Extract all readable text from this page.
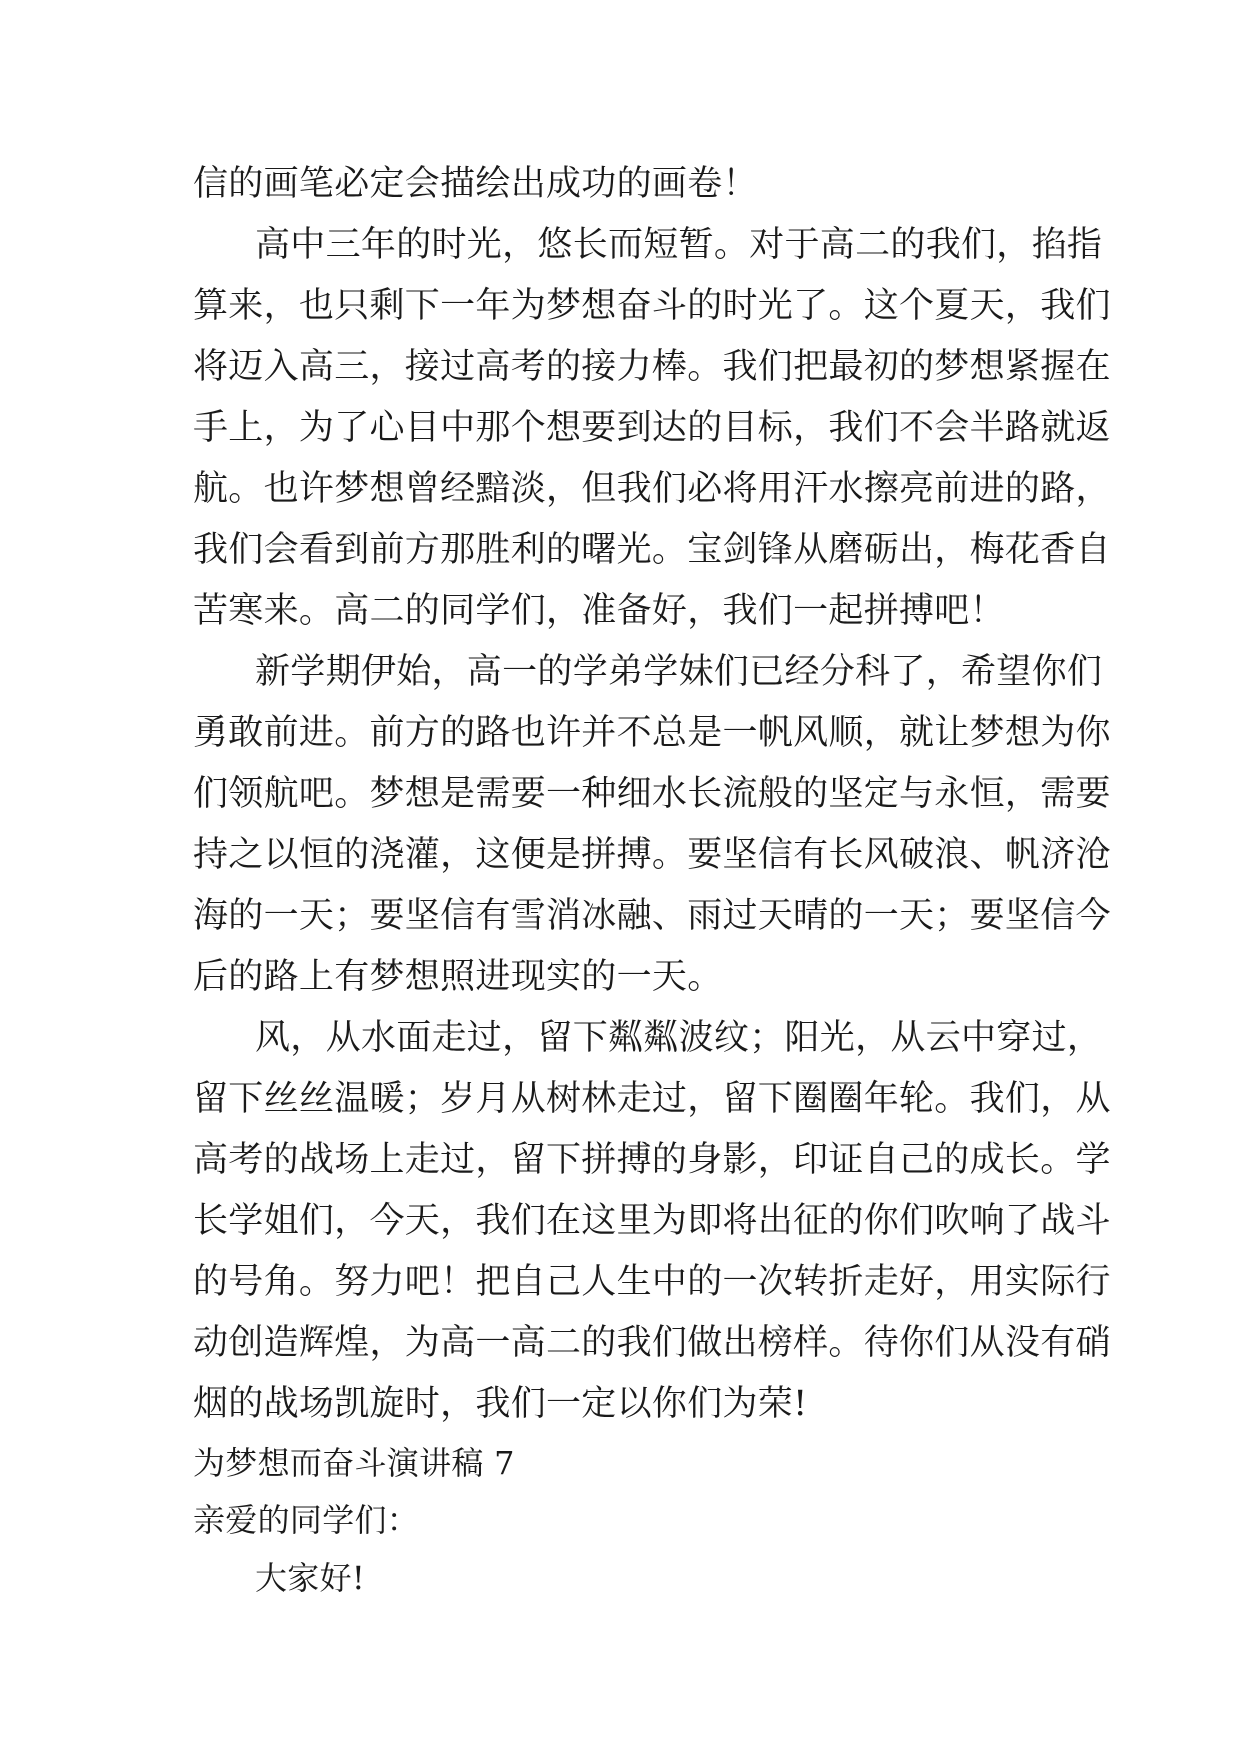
信的画笔必定会描绘出成功的画卷！
高中三年的时光，悠长而短暂。对于高二的我们，掐指
算来，也只剩下一年为梦想奋斗的时光了。这个夏天，我们
将迈入高三，接过高考的接力棒。我们把最初的梦想紧握在
手上，为了心目中那个想要到达的目标，我们不会半路就返
航。也许梦想曾经黯淡，但我们必将用汗水擦亮前进的路，
我们会看到前方那胜利的曙光。宝剑锋从磨砺出，梅花香自
苦寒来。高二的同学们，准备好，我们一起拼搏吧！
新学期伊始，高一的学弟学妹们已经分科了，希望你们
勇敢前进。前方的路也许并不总是一帆风顺，就让梦想为你
们领航吧。梦想是需要一种细水长流般的坚定与永恒，需要
持之以恒的浇灌，这便是拼搏。要坚信有长风破浪、帆济沧
海的一天；要坚信有雪消冰融、雨过天晴的一天；要坚信今
后的路上有梦想照进现实的一天。
风，从水面走过，留下粼粼波纹；阳光，从云中穿过，
留下丝丝温暖；岁月从树林走过，留下圈圈年轮。我们，从
高考的战场上走过，留下拼搏的身影，印证自己的成长。学
长学姐们，今天，我们在这里为即将出征的你们吹响了战斗
的号角。努力吧！把自己人生中的一次转折走好，用实际行
动创造辉煌，为高一高二的我们做出榜样。待你们从没有硝
烟的战场凯旋时，我们一定以你们为荣!
为梦想而奋斗演讲稿 7
亲爱的同学们：
大家好!
